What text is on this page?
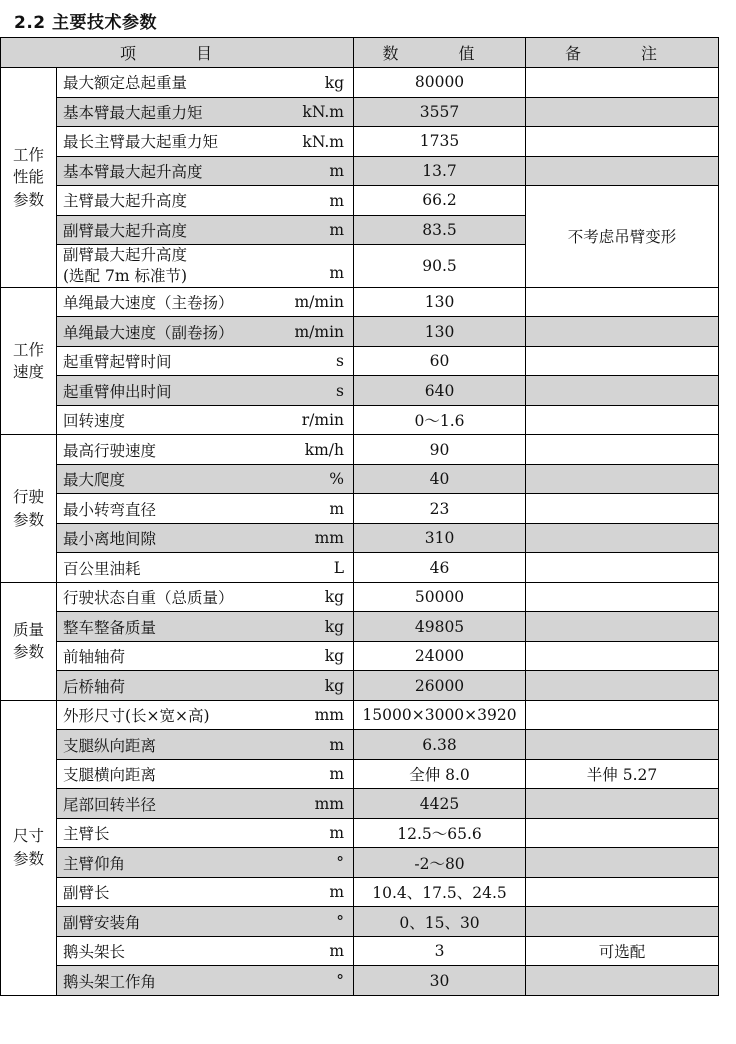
2.2 主要技术参数
项　目		数　值	备　注
工作
性能
参数	最大额定总起重量 kg	80000	
	基本臂最大起重力矩 kN.m	3557	
	最长主臂最大起重力矩 kN.m	1735	
	基本臂最大起升高度 m	13.7	
	主臂最大起升高度 m	66.2	不考虑吊臂变形
	副臂最大起升高度 m	83.5	
	副臂最大起升高度
(选配 7m 标准节) m	90.5	
工作
速度	单绳最大速度（主卷扬） m/min	130	
	单绳最大速度（副卷扬） m/min	130	
	起重臂起臂时间 s	60	
	起重臂伸出时间 s	640	
	回转速度 r/min	0～1.6	
行驶
参数	最高行驶速度 km/h	90	
	最大爬度 %	40	
	最小转弯直径 m	23	
	最小离地间隙 mm	310	
	百公里油耗 L	46	
质量
参数	行驶状态自重（总质量） kg	50000	
	整车整备质量 kg	49805	
	前轴轴荷 kg	24000	
	后桥轴荷 kg	26000	
尺寸
参数	外形尺寸(长×宽×高) mm	15000×3000×3920	
	支腿纵向距离 m	6.38	
	支腿横向距离 m	全伸 8.0	半伸 5.27
	尾部回转半径 mm	4425	
	主臂长 m	12.5～65.6	
	主臂仰角 °	-2～80	
	副臂长 m	10.4、17.5、24.5	
	副臂安装角 °	0、15、30	
	鹅头架长 m	3	可选配
	鹅头架工作角 °	30	
